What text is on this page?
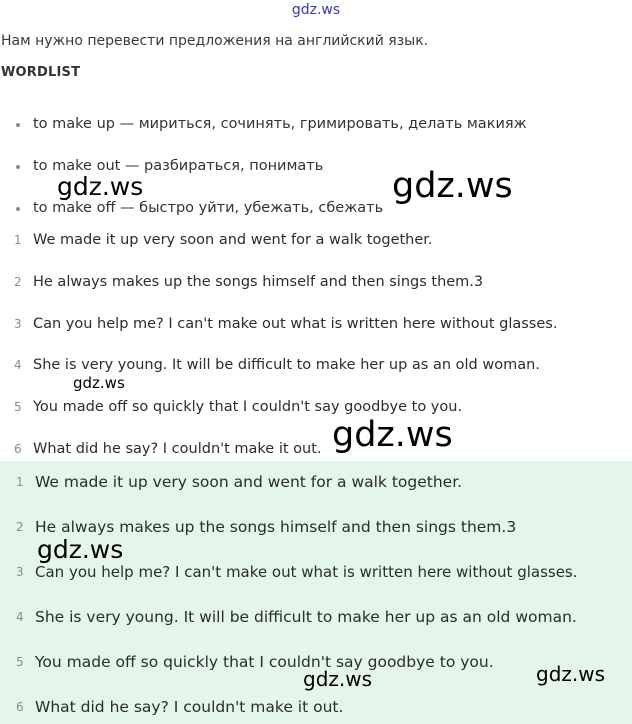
gdz.ws
Нам нужно перевести предложения на английский язык.
WORDLIST
to make up — мириться, сочинять, гримировать, делать макияж
to make out — разбираться, понимать
to make off — быстро уйти, убежать, сбежать
1 We made it up very soon and went for a walk together.
2 He always makes up the songs himself and then sings them.3
3 Can you help me? I can't make out what is written here without glasses.
4 She is very young. It will be difficult to make her up as an old woman.
5 You made off so quickly that I couldn't say goodbye to you.
6 What did he say? I couldn't make it out.
1 We made it up very soon and went for a walk together.
2 He always makes up the songs himself and then sings them.3
3 Can you help me? I can't make out what is written here without glasses.
4 She is very young. It will be difficult to make her up as an old woman.
5 You made off so quickly that I couldn't say goodbye to you.
6 What did he say? I couldn't make it out.
gdz.ws	gdz.ws
gdz.ws
gdz.ws
gdz.ws
gdz.ws
gdz.ws
